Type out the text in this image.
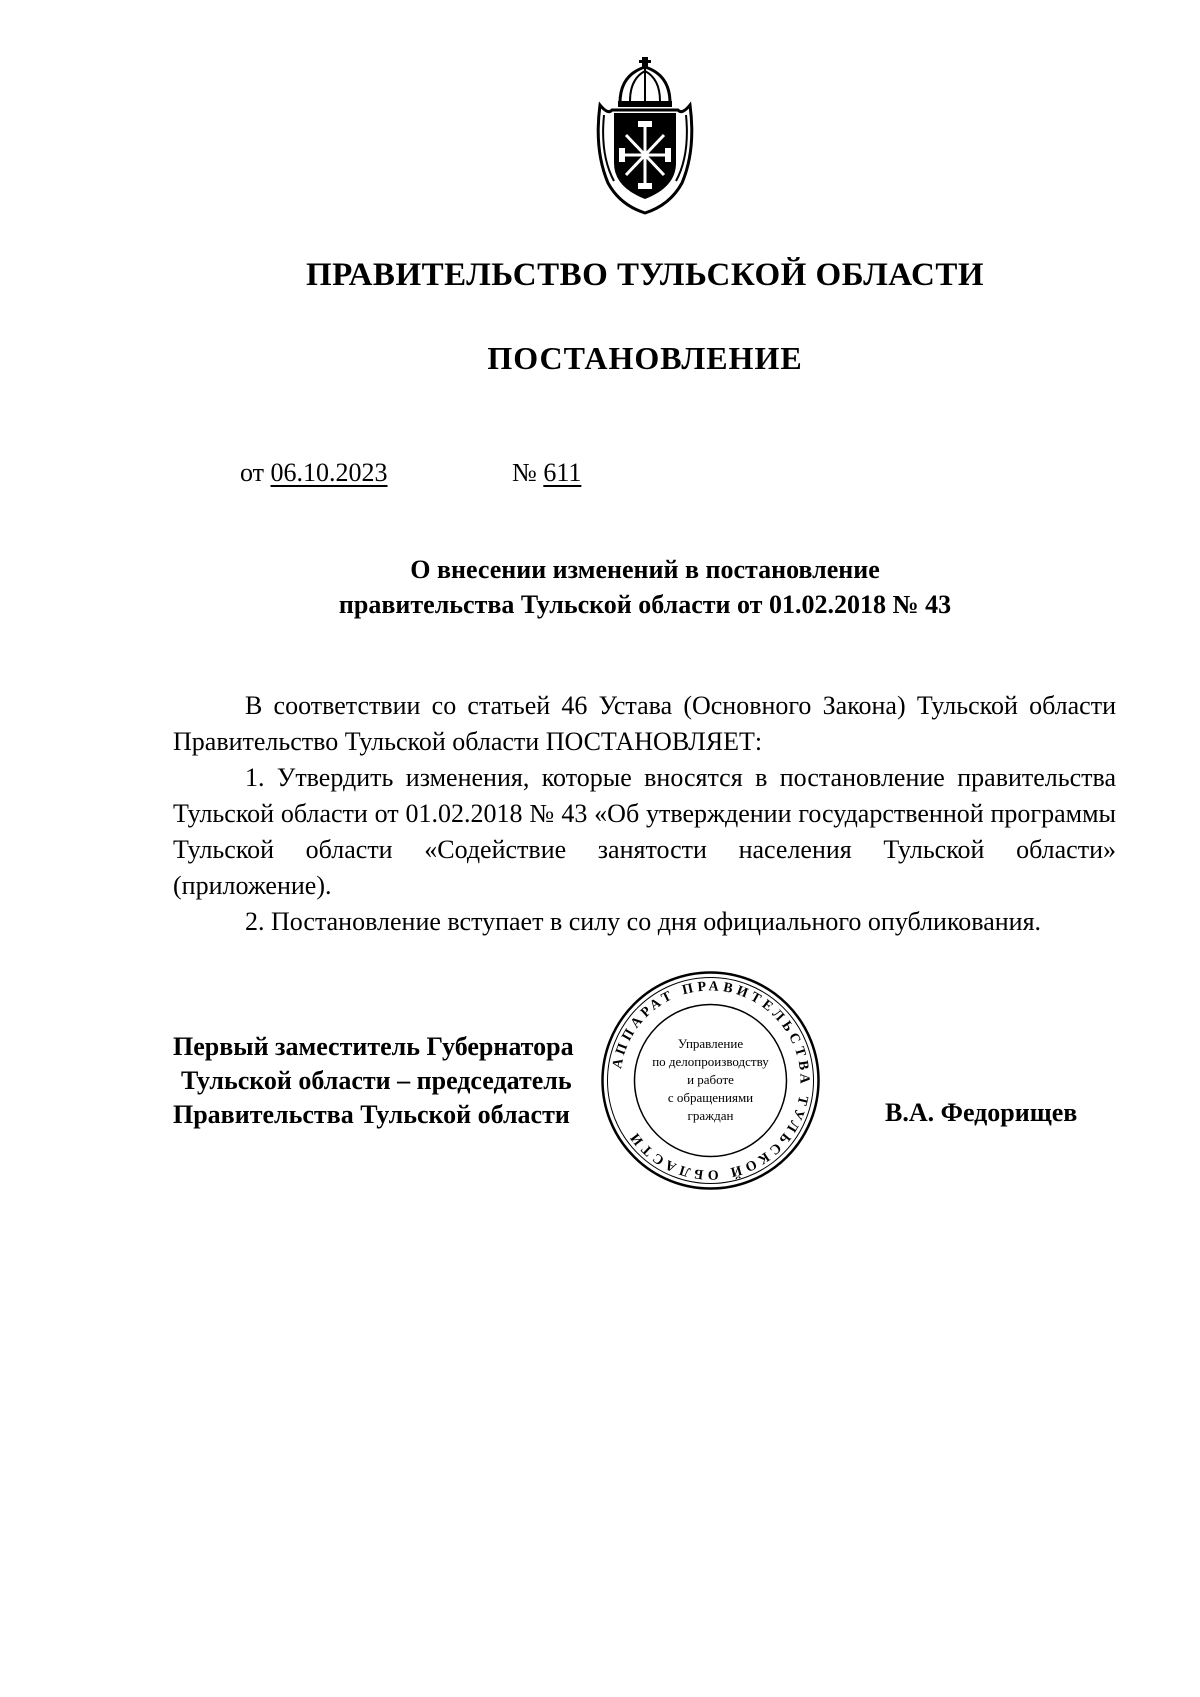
ПРАВИТЕЛЬСТВО ТУЛЬСКОЙ ОБЛАСТИ
ПОСТАНОВЛЕНИЕ
от 06.10.2023	№ 611
О внесении изменений в постановление
правительства Тульской области от 01.02.2018 № 43

В соответствии со статьей 46 Устава (Основного Закона) Тульской области Правительство Тульской области ПОСТАНОВЛЯЕТ:

1. Утвердить изменения, которые вносятся в постановление правительства Тульской области от 01.02.2018 № 43 «Об утверждении государственной программы Тульской области «Содействие занятости населения Тульской области» (приложение).

2. Постановление вступает в силу со дня официального опубликования.

Первый заместитель Губернатора
Тульской области – председатель
Правительства Тульской области	В.А. Федорищев
АППАРАТ ПРАВИТЕЛЬСТВА ТУЛЬСКОЙ ОБЛАСТИ
Управление
по делопроизводству
и работе
с обращениями
граждан
